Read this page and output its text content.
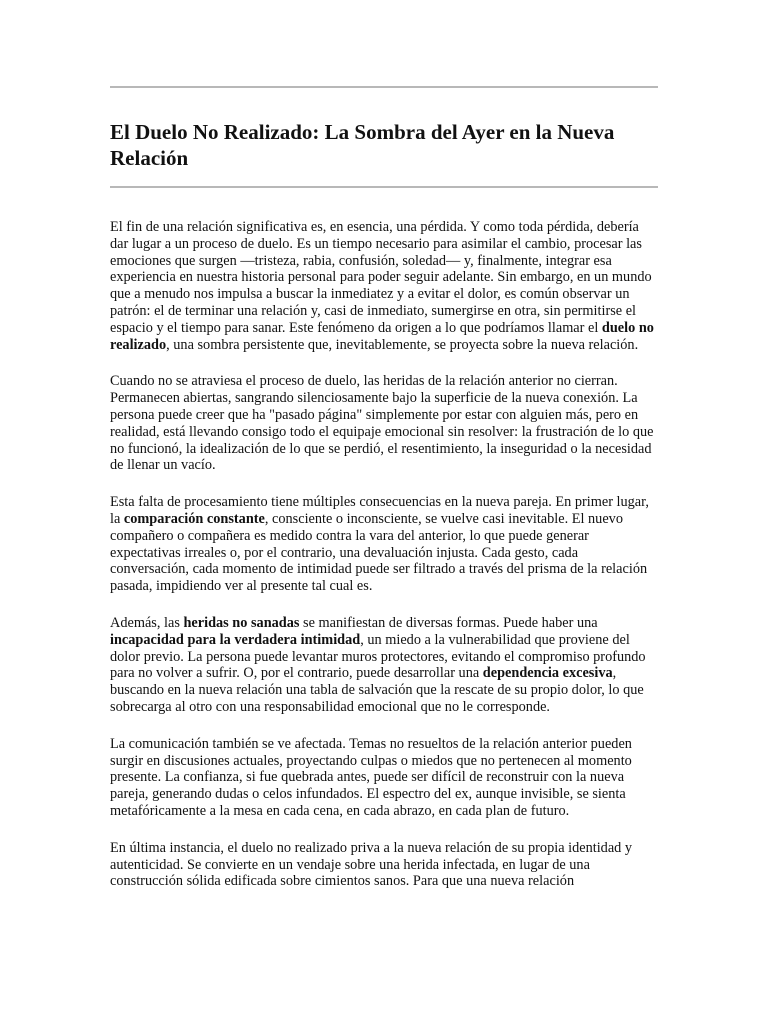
El Duelo No Realizado: La Sombra del Ayer en la Nueva Relación

El fin de una relación significativa es, en esencia, una pérdida. Y como toda pérdida, debería dar lugar a un proceso de duelo. Es un tiempo necesario para asimilar el cambio, procesar las emociones que surgen —tristeza, rabia, confusión, soledad— y, finalmente, integrar esa experiencia en nuestra historia personal para poder seguir adelante. Sin embargo, en un mundo que a menudo nos impulsa a buscar la inmediatez y a evitar el dolor, es común observar un patrón: el de terminar una relación y, casi de inmediato, sumergirse en otra, sin permitirse el espacio y el tiempo para sanar. Este fenómeno da origen a lo que podríamos llamar el duelo no realizado, una sombra persistente que, inevitablemente, se proyecta sobre la nueva relación.

Cuando no se atraviesa el proceso de duelo, las heridas de la relación anterior no cierran. Permanecen abiertas, sangrando silenciosamente bajo la superficie de la nueva conexión. La persona puede creer que ha "pasado página" simplemente por estar con alguien más, pero en realidad, está llevando consigo todo el equipaje emocional sin resolver: la frustración de lo que no funcionó, la idealización de lo que se perdió, el resentimiento, la inseguridad o la necesidad de llenar un vacío.

Esta falta de procesamiento tiene múltiples consecuencias en la nueva pareja. En primer lugar, la comparación constante, consciente o inconsciente, se vuelve casi inevitable. El nuevo compañero o compañera es medido contra la vara del anterior, lo que puede generar expectativas irreales o, por el contrario, una devaluación injusta. Cada gesto, cada conversación, cada momento de intimidad puede ser filtrado a través del prisma de la relación pasada, impidiendo ver al presente tal cual es.

Además, las heridas no sanadas se manifiestan de diversas formas. Puede haber una incapacidad para la verdadera intimidad, un miedo a la vulnerabilidad que proviene del dolor previo. La persona puede levantar muros protectores, evitando el compromiso profundo para no volver a sufrir. O, por el contrario, puede desarrollar una dependencia excesiva, buscando en la nueva relación una tabla de salvación que la rescate de su propio dolor, lo que sobrecarga al otro con una responsabilidad emocional que no le corresponde.

La comunicación también se ve afectada. Temas no resueltos de la relación anterior pueden surgir en discusiones actuales, proyectando culpas o miedos que no pertenecen al momento presente. La confianza, si fue quebrada antes, puede ser difícil de reconstruir con la nueva pareja, generando dudas o celos infundados. El espectro del ex, aunque invisible, se sienta metafóricamente a la mesa en cada cena, en cada abrazo, en cada plan de futuro.

En última instancia, el duelo no realizado priva a la nueva relación de su propia identidad y autenticidad. Se convierte en un vendaje sobre una herida infectada, en lugar de una construcción sólida edificada sobre cimientos sanos. Para que una nueva relación
